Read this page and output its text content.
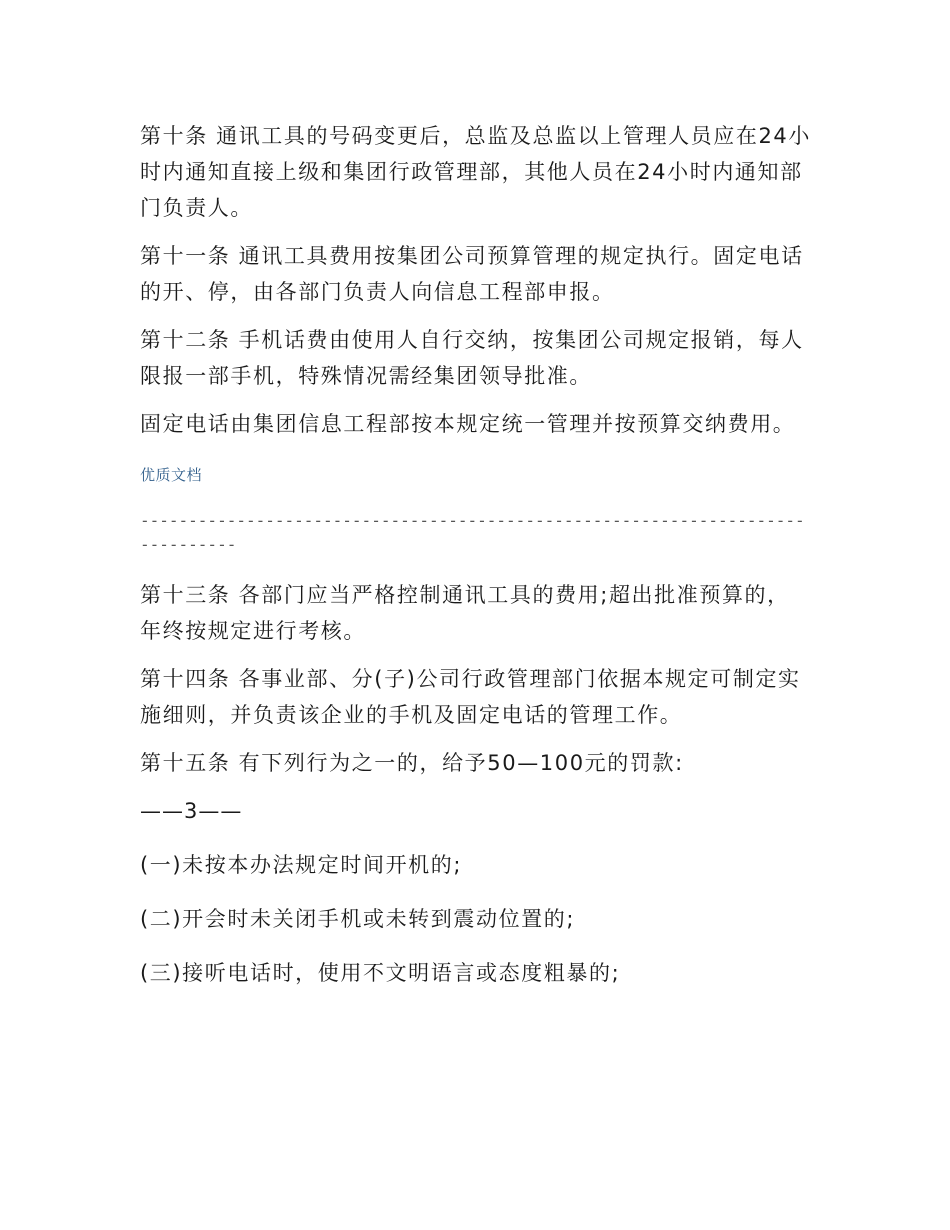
第十条 通讯工具的号码变更后，总监及总监以上管理人员应在24小时内通知直接上级和集团行政管理部，其他人员在24小时内通知部门负责人。

第十一条 通讯工具费用按集团公司预算管理的规定执行。固定电话的开、停，由各部门负责人向信息工程部申报。

第十二条 手机话费由使用人自行交纳，按集团公司规定报销，每人限报一部手机，特殊情况需经集团领导批准。

固定电话由集团信息工程部按本规定统一管理并按预算交纳费用。

优质文档
-------------------------------------------------------------------------------

第十三条 各部门应当严格控制通讯工具的费用;超出批准预算的，年终按规定进行考核。

第十四条 各事业部、分(子)公司行政管理部门依据本规定可制定实施细则，并负责该企业的手机及固定电话的管理工作。

第十五条 有下列行为之一的，给予50—100元的罚款:

——3——

(一)未按本办法规定时间开机的;

(二)开会时未关闭手机或未转到震动位置的;

(三)接听电话时，使用不文明语言或态度粗暴的;
